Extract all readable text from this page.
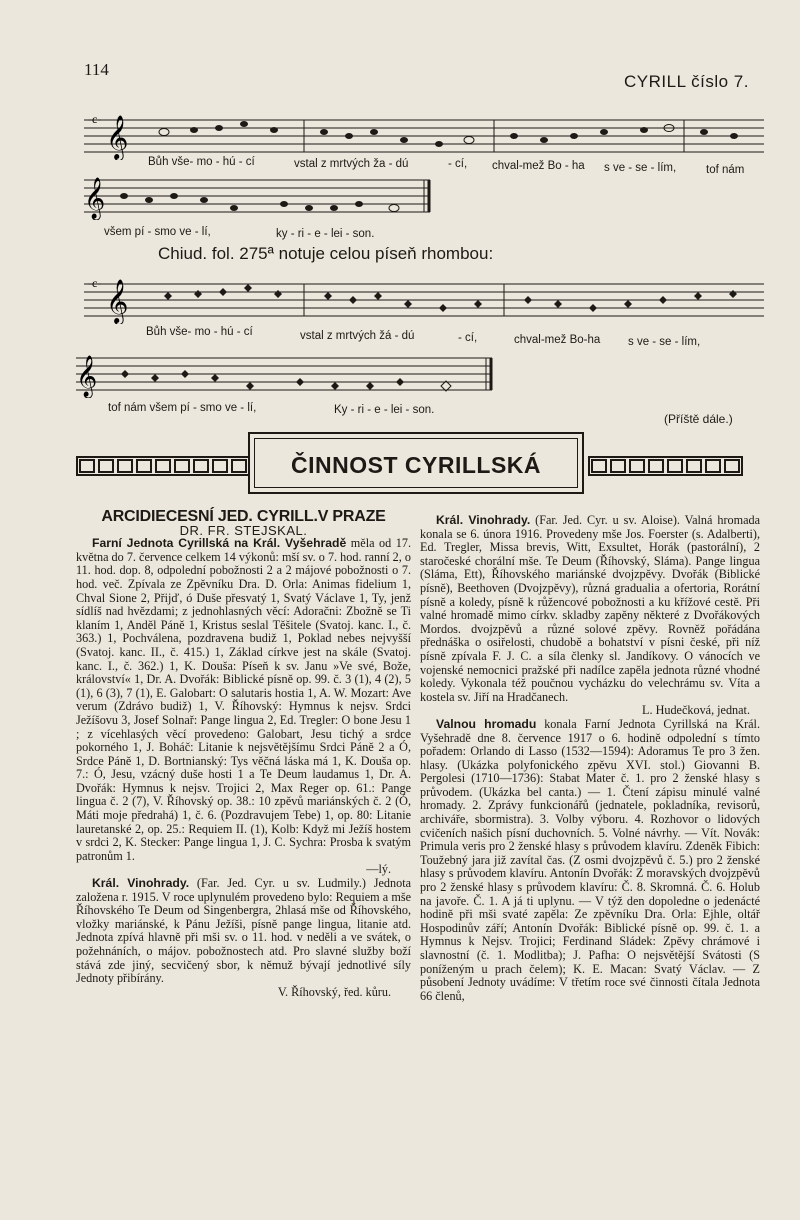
114
CYRILL číslo 7.
-c- 𝄞
Bůh vše- mo - hú - cí	vstal z mrtvých ža - dú	- cí, chval-mež Bo - ha s ve - se - lím,	tof nám
𝄞
všem pí - smo ve - lí,	ky - ri - e - lei - son.
Chiud. fol. 275ª notuje celou píseň rhombou:
-c- 𝄞
Bůh vše- mo - hú - cí	vstal z mrtvých žá - dú	- cí,	chval-mež Bo-ha s ve - se - lím,
𝄞
tof nám všem pí - smo ve - lí,	Ky - ri - e - lei - son.
(Příště dále.)
ČINNOST CYRILLSKÁ

ARCIDIECESNÍ JED. CYRILL.V PRAZE

DR. FR. STEJSKAL.

Farní Jednota Cyrillská na Král. Vyšehradě měla od 17. května do 7. července celkem 14 výkonů: mší sv. o 7. hod. ranní 2, o 11. hod. dop. 8, odpolední pobožnosti 2 a 2 májové pobožnosti o 7. hod. več. Zpívala ze Zpěvníku Dra. D. Orla: Animas fidelium 1, Chval Sione 2, Přijď, ó Duše přesvatý 1, Svatý Václave 1, Ty, jenž sídlíš nad hvězdami; z jednohlasných věcí: Adoračni: Zbožně se Ti klaním 1, Anděl Páně 1, Kristus seslal Těšitele (Svatoj. kanc. I., č. 363.) 1, Pochválena, pozdravena budiž 1, Poklad nebes nejvyšší (Svatoj. kanc. II., č. 415.) 1, Základ církve jest na skále (Svatoj. kanc. I., č. 362.) 1, K. Douša: Píseň k sv. Janu »Ve své, Bože, království« 1, Dr. A. Dvořák: Biblické písně op. 99. č. 3 (1), 4 (2), 5 (1), 6 (3), 7 (1), E. Galobart: O salutaris hostia 1, A. W. Mozart: Ave verum (Zdrávo budiž) 1, V. Říhovský: Hymnus k nejsv. Srdci Ježíšovu 3, Josef Solnař: Pange lingua 2, Ed. Tregler: O bone Jesu 1 ; z vícehlasých věcí provedeno: Galobart, Jesu tichý a srdce pokorného 1, J. Boháč: Litanie k nejsvětějšímu Srdci Páně 2 a Ó, Srdce Páně 1, D. Bortnianský: Tys věčná láska má 1, K. Douša op. 7.: Ó, Jesu, vzácný duše hosti 1 a Te Deum laudamus 1, Dr. A. Dvořák: Hymnus k nejsv. Trojici 2, Max Reger op. 61.: Pange lingua č. 2 (7), V. Říhovský op. 38.: 10 zpěvů mariánských č. 2 (Ó, Máti moje předrahá) 1, č. 6. (Pozdravujem Tebe) 1, op. 80: Litanie lauretanské 2, op. 25.: Requiem II. (1), Kolb: Když mi Ježíš hostem v srdci 2, K. Stecker: Pange lingua 1, J. C. Sychra: Prosba k svatým patronům 1.

—lý.

Král. Vinohrady. (Far. Jed. Cyr. u sv. Ludmily.) Jednota založena r. 1915. V roce uplynulém provedeno bylo: Requiem a mše Říhovského Te Deum od Singenbergra, 2hlasá mše od Říhovského, vložky mariánské, k Pánu Ježíši, písně pange lingua, litanie atd. Jednota zpívá hlavně při mši sv. o 11. hod. v neděli a ve svátek, o požehnáních, o májov. pobožnostech atd. Pro slavné služby boží stává zde jiný, secvičený sbor, k němuž bývají jednotlivé síly Jednoty přibírány.

V. Říhovský, řed. kůru.

Král. Vinohrady. (Far. Jed. Cyr. u sv. Aloise). Valná hromada konala se 6. února 1916. Provedeny mše Jos. Foerster (s. Adalberti), Ed. Tregler, Missa brevis, Witt, Exsultet, Horák (pastorální), 2 staročeské chorální mše. Te Deum (Říhovský, Sláma). Pange lingua (Sláma, Ett), Říhovského mariánské dvojzpěvy. Dvořák (Biblické písně), Beethoven (Dvojzpěvy), různá gradualia a ofertoria, Rorátní písně a koledy, písně k růžencové pobožnosti a ku křížové cestě. Při valné hromadě mimo církv. skladby zapěny některé z Dvořákových Mordos. dvojzpěvů a různé solové zpěvy. Rovněž pořádána přednáška o osiřelosti, chudobě a bohatství v písni české, při níž písně zpívala F. J. C. a síla členky sl. Jandíkovy. O vánocích ve vojenské nemocnici pražské při nadílce zapěla jednota různé vhodné koledy. Vykonala též poučnou vycházku do velechrámu sv. Víta a kostela sv. Jiří na Hradčanech.

L. Hudečková, jednat.

Valnou hromadu konala Farní Jednota Cyrillská na Král. Vyšehradě dne 8. července 1917 o 6. hodině odpolední s tímto pořadem: Orlando di Lasso (1532—1594): Adoramus Te pro 3 žen. hlasy. (Ukázka polyfonického zpěvu XVI. stol.) Giovanni B. Pergolesi (1710—1736): Stabat Mater č. 1. pro 2 ženské hlasy s průvodem. (Ukázka bel canta.) — 1. Čtení zápisu minulé valné hromady. 2. Zprávy funkcionářů (jednatele, pokladníka, revisorů, archiváře, sbormistra). 3. Volby výboru. 4. Rozhovor o lidových cvičeních našich písní duchovních. 5. Volné návrhy. — Vít. Novák: Primula veris pro 2 ženské hlasy s průvodem klavíru. Zdeněk Fibich: Toužebný jara již zavítal čas. (Z osmi dvojzpěvů č. 5.) pro 2 ženské hlasy s průvodem klavíru. Antonín Dvořák: Z moravských dvojzpěvů pro 2 ženské hlasy s průvodem klavíru: Č. 8. Skromná. Č. 6. Holub na javoře. Č. 1. A já ti uplynu. — V týž den dopoledne o jedenácté hodině při mši svaté zapěla: Ze zpěvníku Dra. Orla: Ejhle, oltář Hospodinův září; Antonín Dvořák: Biblické písně op. 99. č. 1. a Hymnus k Nejsv. Trojici; Ferdinand Sládek: Zpěvy chrámové i slavnostní (č. 1. Modlitba); J. Pafha: O nejsvětější Svátosti (S poníženým u prach čelem); K. E. Macan: Svatý Václav. — Z působení Jednoty uvádíme: V třetím roce své činnosti čítala Jednota 66 členů,
